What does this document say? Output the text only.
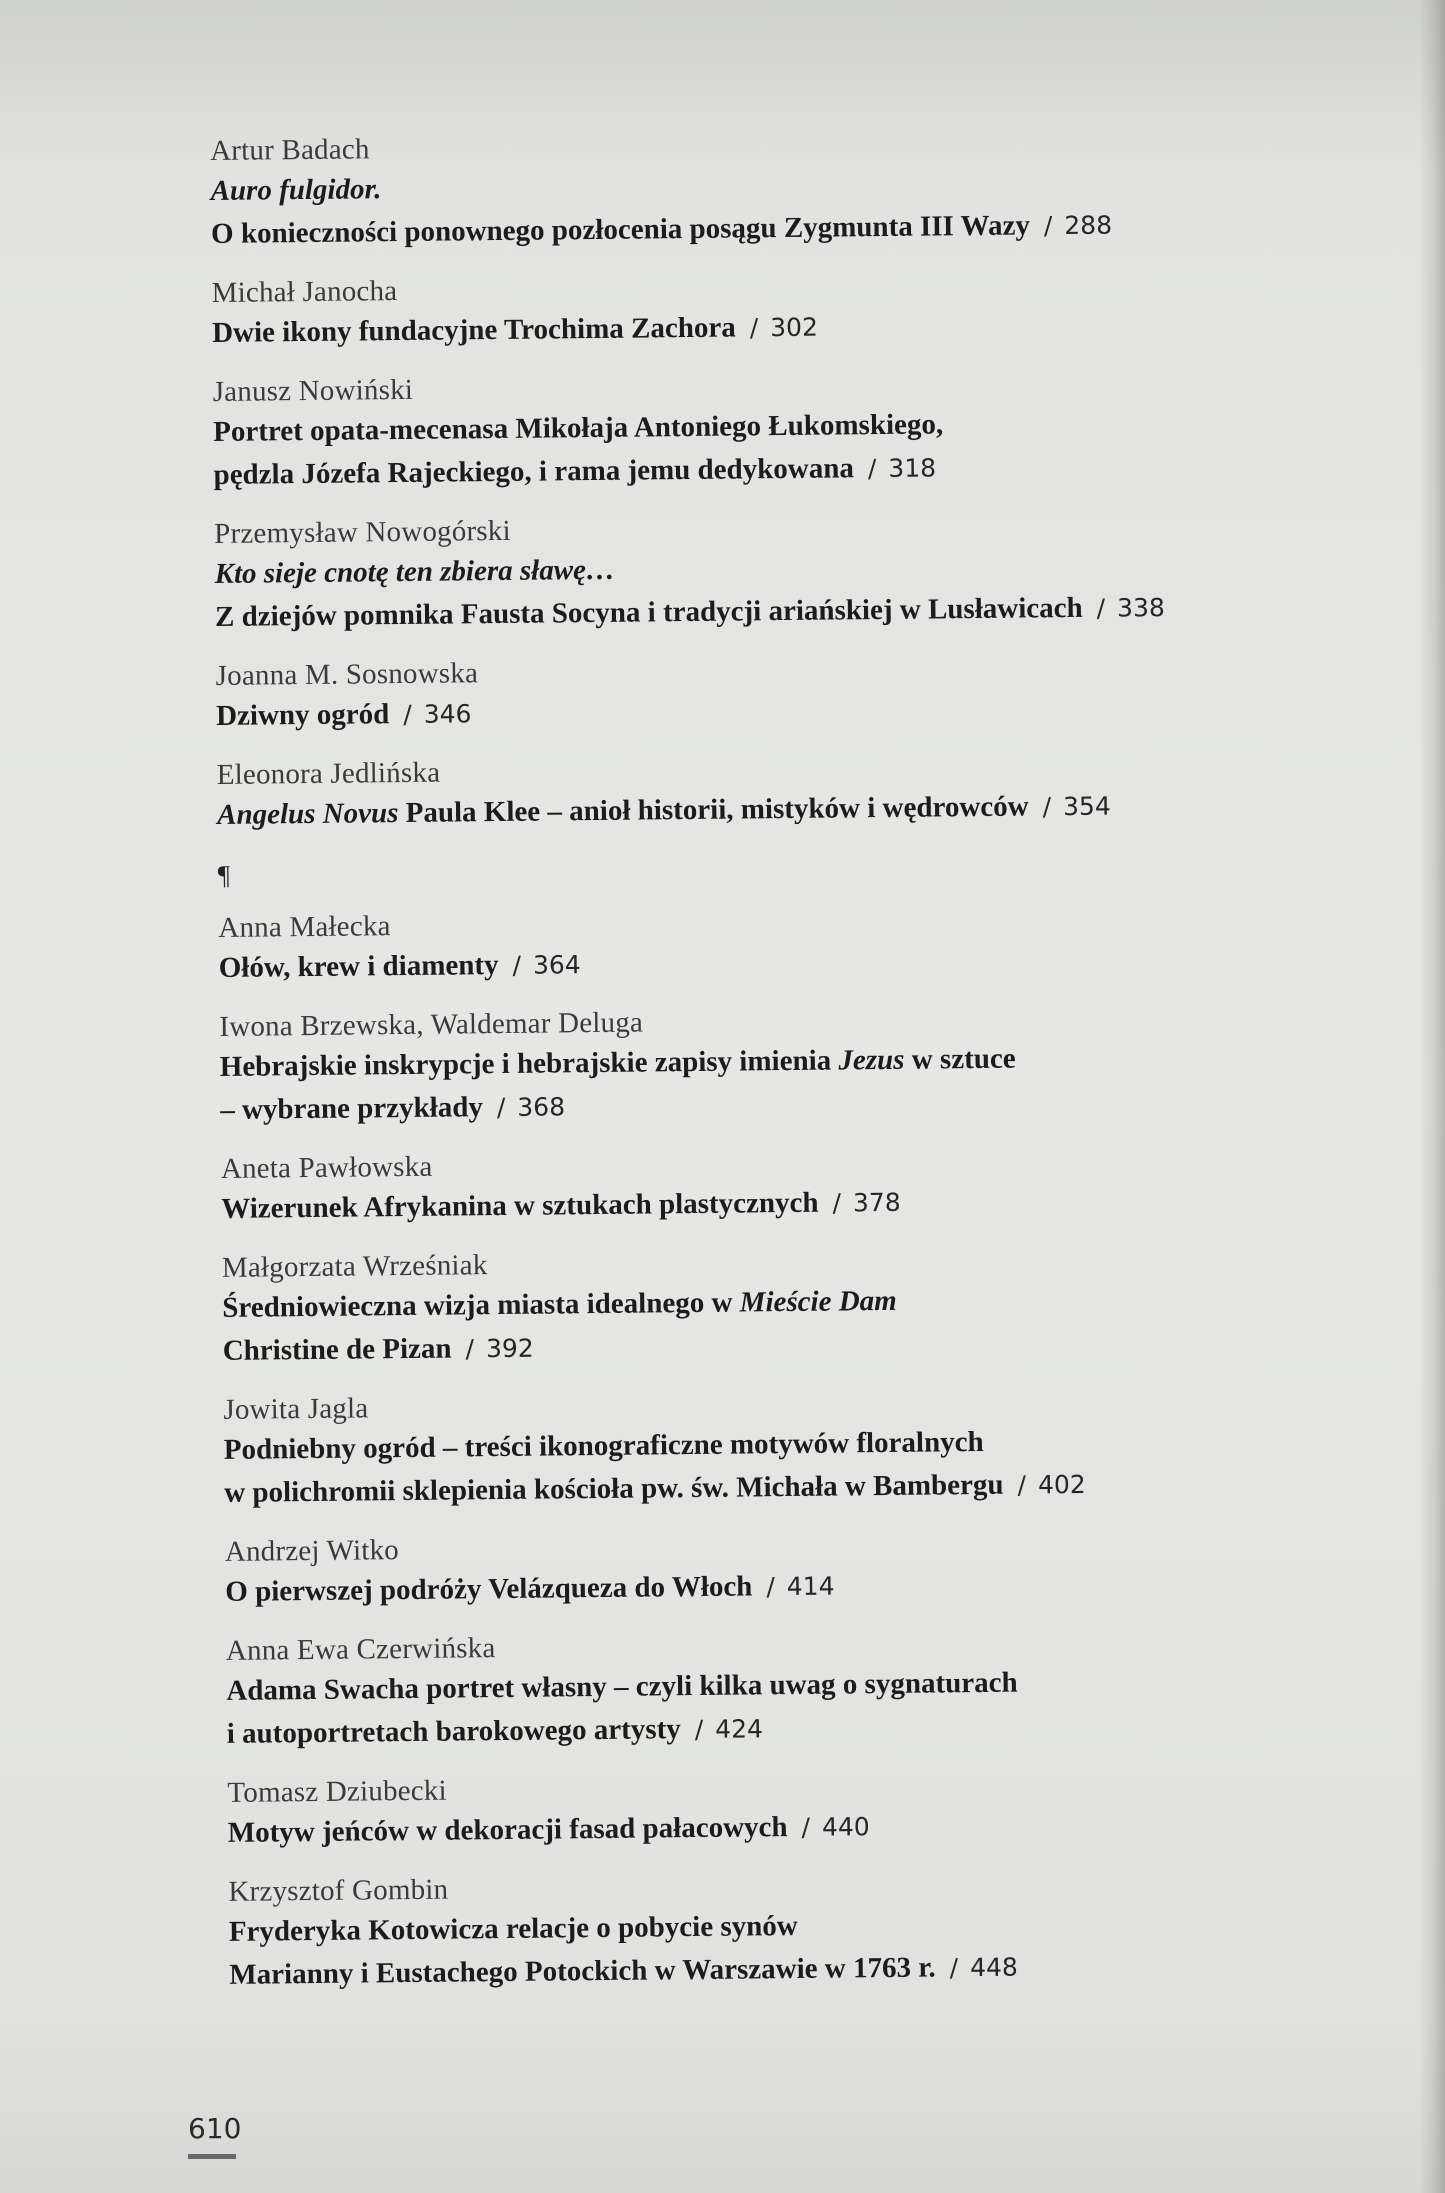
Artur Badach
Auro fulgidor.
O konieczności ponownego pozłocenia posągu Zygmunta III Wazy / 288
Michał Janocha
Dwie ikony fundacyjne Trochima Zachora / 302
Janusz Nowiński
Portret opata-mecenasa Mikołaja Antoniego Łukomskiego,
pędzla Józefa Rajeckiego, i rama jemu dedykowana / 318
Przemysław Nowogórski
Kto sieje cnotę ten zbiera sławę…
Z dziejów pomnika Fausta Socyna i tradycji ariańskiej w Lusławicach / 338
Joanna M. Sosnowska
Dziwny ogród / 346
Eleonora Jedlińska
Angelus Novus Paula Klee – anioł historii, mistyków i wędrowców / 354
¶
Anna Małecka
Ołów, krew i diamenty / 364
Iwona Brzewska, Waldemar Deluga
Hebrajskie inskrypcje i hebrajskie zapisy imienia Jezus w sztuce
– wybrane przykłady / 368
Aneta Pawłowska
Wizerunek Afrykanina w sztukach plastycznych / 378
Małgorzata Wrześniak
Średniowieczna wizja miasta idealnego w Mieście Dam
Christine de Pizan / 392
Jowita Jagla
Podniebny ogród – treści ikonograficzne motywów floralnych
w polichromii sklepienia kościoła pw. św. Michała w Bambergu / 402
Andrzej Witko
O pierwszej podróży Velázqueza do Włoch / 414
Anna Ewa Czerwińska
Adama Swacha portret własny – czyli kilka uwag o sygnaturach
i autoportretach barokowego artysty / 424
Tomasz Dziubecki
Motyw jeńców w dekoracji fasad pałacowych / 440
Krzysztof Gombin
Fryderyka Kotowicza relacje o pobycie synów
Marianny i Eustachego Potockich w Warszawie w 1763 r. / 448
610
